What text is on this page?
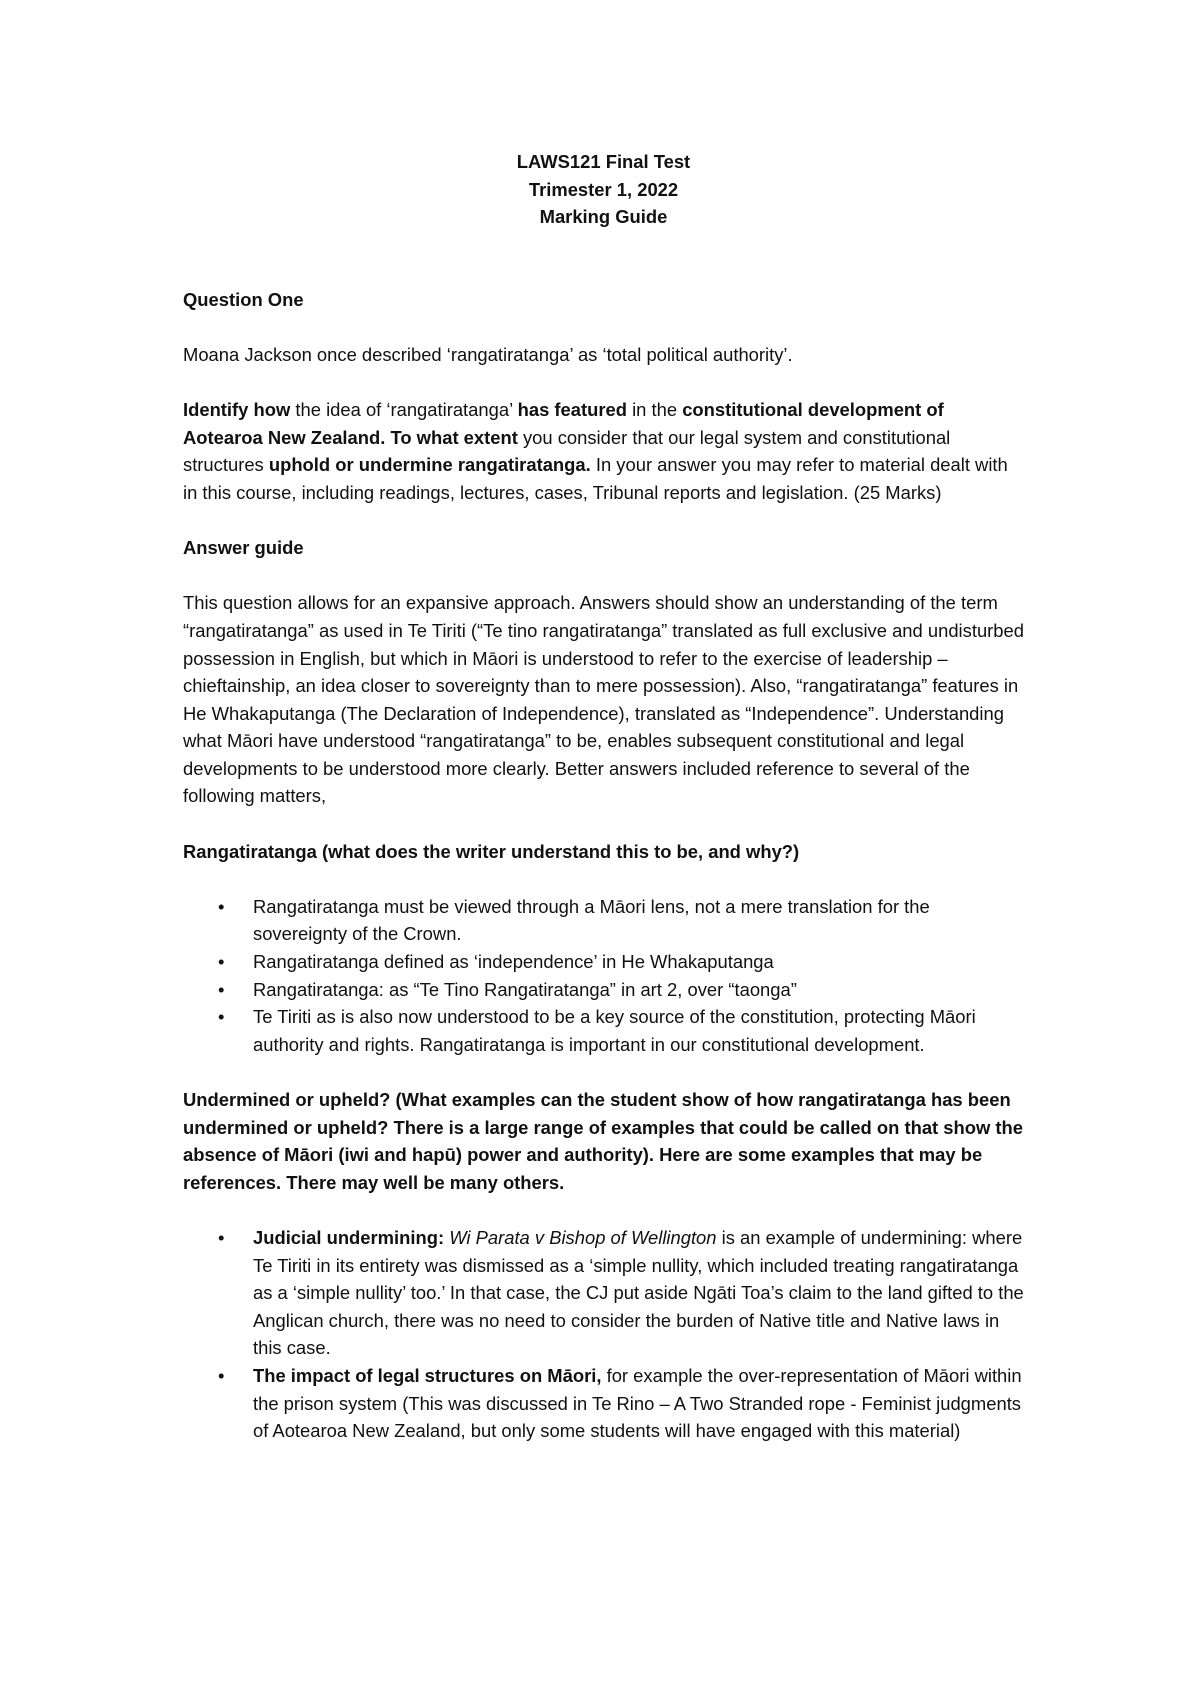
LAWS121 Final Test
Trimester 1, 2022
Marking Guide
Question One

Moana Jackson once described ‘rangatiratanga’ as ‘total political authority’.

Identify how the idea of ‘rangatiratanga’ has featured in the constitutional development of Aotearoa New Zealand. To what extent you consider that our legal system and constitutional structures uphold or undermine rangatiratanga. In your answer you may refer to material dealt with in this course, including readings, lectures, cases, Tribunal reports and legislation. (25 Marks)

Answer guide

This question allows for an expansive approach. Answers should show an understanding of the term “rangatiratanga” as used in Te Tiriti (“Te tino rangatiratanga” translated as full exclusive and undisturbed possession in English, but which in Māori is understood to refer to the exercise of leadership – chieftainship, an idea closer to sovereignty than to mere possession). Also, “rangatiratanga” features in He Whakaputanga (The Declaration of Independence), translated as “Independence”. Understanding what Māori have understood “rangatiratanga” to be, enables subsequent constitutional and legal developments to be understood more clearly. Better answers included reference to several of the following matters,

Rangatiratanga (what does the writer understand this to be, and why?)
• Rangatiratanga must be viewed through a Māori lens, not a mere translation for the sovereignty of the Crown.
• Rangatiratanga defined as ‘independence’ in He Whakaputanga
• Rangatiratanga: as “Te Tino Rangatiratanga” in art 2, over “taonga”
• Te Tiriti as is also now understood to be a key source of the constitution, protecting Māori authority and rights. Rangatiratanga is important in our constitutional development.
Undermined or upheld? (What examples can the student show of how rangatiratanga has been undermined or upheld? There is a large range of examples that could be called on that show the absence of Māori (iwi and hapū) power and authority). Here are some examples that may be references. There may well be many others.
• Judicial undermining: Wi Parata v Bishop of Wellington is an example of undermining: where Te Tiriti in its entirety was dismissed as a ‘simple nullity, which included treating rangatiratanga as a ‘simple nullity’ too.’ In that case, the CJ put aside Ngāti Toa’s claim to the land gifted to the Anglican church, there was no need to consider the burden of Native title and Native laws in this case.
• The impact of legal structures on Māori, for example the over-representation of Māori within the prison system (This was discussed in Te Rino – A Two Stranded rope - Feminist judgments of Aotearoa New Zealand, but only some students will have engaged with this material)
